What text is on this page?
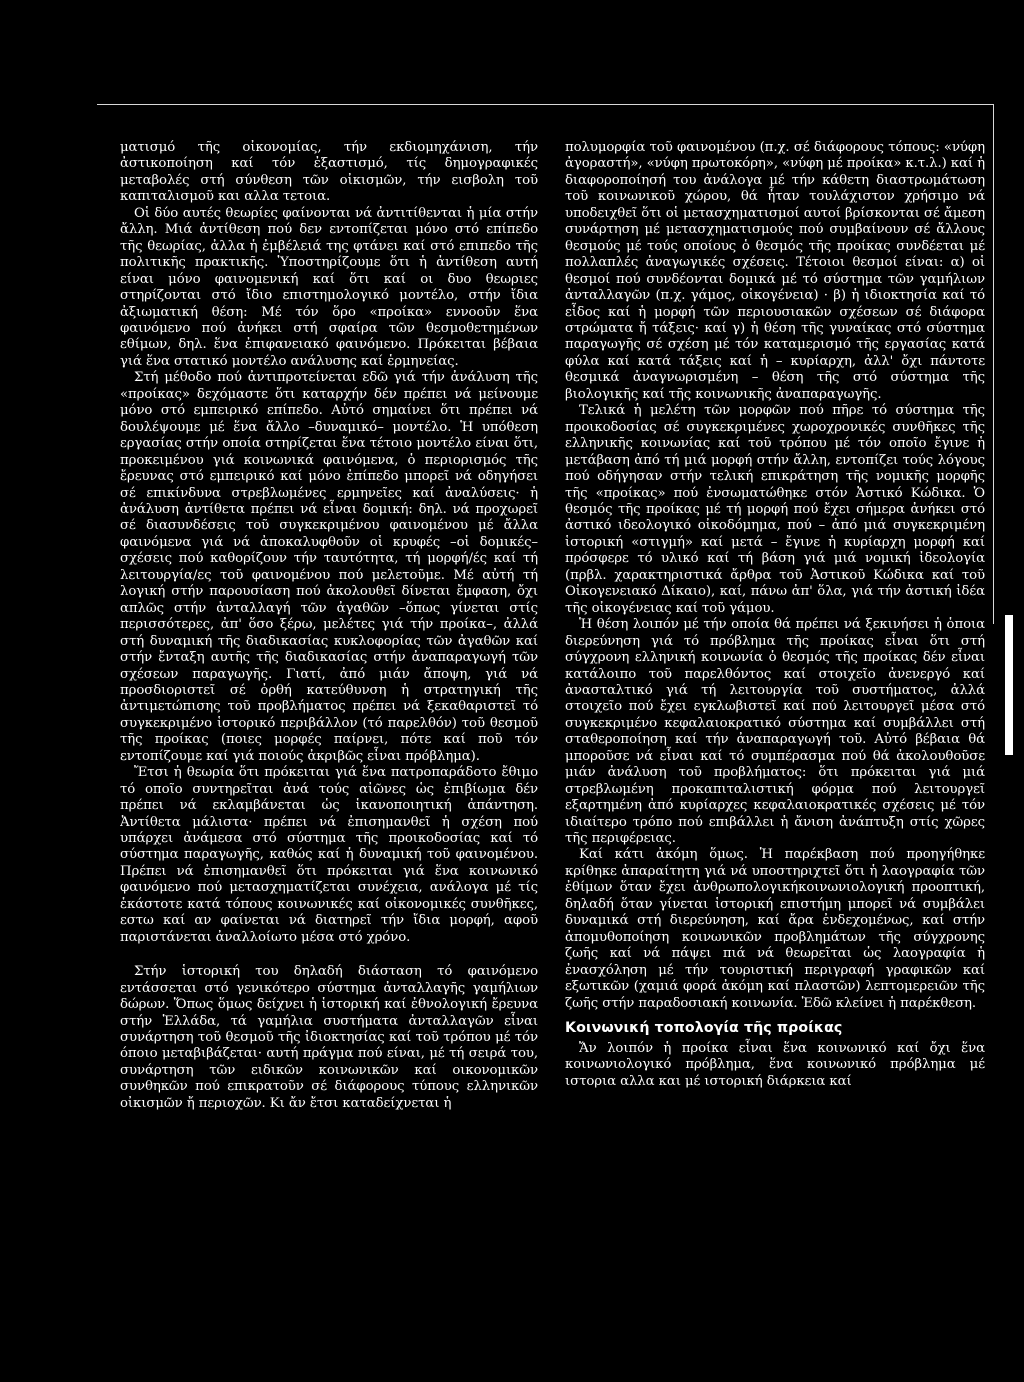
ματισμό τῆς οἰκονομίας, τήν εκδιομηχάνιση, τήν ἀστικοποίηση καί τόν ἐξαστισμό, τίς δημογραφικές μεταβολές στή σύνθεση τῶν οἰκισμῶν, τήν εισβολη τοῦ καπιταλισμοῦ και αλλα τετοια.

Οἱ δύο αυτές θεωρίες φαίνονται νά ἀντιτίθενται ἡ μία στήν ἄλλη. Μιά ἀντίθεση πού δεν εντοπίζεται μόνο στό επίπεδο τῆς θεωρίας, ἀλλα ἡ ἐμβέλειά της φτάνει καί στό επιπεδο τῆς πολιτικῆς πρακτικῆς. Ὑποστηρίζουμε ὅτι ἡ ἀντίθεση αυτή είναι μόνο φαινομενική καί ὅτι καί οι δυο θεωριες στηρίζονται στό ἴδιο επιστημολογικό μοντέλο, στήν ἴδια ἀξιωματική θέση: Μέ τόν ὅρο «προίκα» εννοοῦν ἕνα φαινόμενο πού ἀνήκει στή σφαίρα τῶν θεσμοθετημένων εθίμων, δηλ. ἕνα ἐπιφανειακό φαινόμενο. Πρόκειται βέβαια γιά ἕνα στατικό μοντέλο ανάλυσης καί ἑρμηνείας.

Στή μέθοδο πού ἀντιπροτείνεται εδῶ γιά τήν ἀνάλυση τῆς «προίκας» δεχόμαστε ὅτι καταρχήν δέν πρέπει νά μείνουμε μόνο στό εμπειρικό επίπεδο. Αὐτό σημαίνει ὅτι πρέπει νά δουλέψουμε μέ ἕνα ἄλλο –δυναμικό– μοντέλο. Ἡ υπόθεση εργασίας στήν οποία στηρίζεται ἕνα τέτοιο μοντέλο είναι ὅτι, προκειμένου γιά κοινωνικά φαινόμενα, ὁ περιορισμός τῆς ἔρευνας στό εμπειρικό καί μόνο ἐπίπεδο μπορεῖ νά οδηγήσει σέ επικίνδυνα στρεβλωμένες ερμηνεῖες καί ἀναλύσεις· ἡ ἀνάλυση ἀντίθετα πρέπει νά εἶναι δομική: δηλ. νά προχωρεῖ σέ διασυνδέσεις τοῦ συγκεκριμένου φαινομένου μέ ἄλλα φαινόμενα γιά νά ἀποκαλυφθοῦν οἱ κρυφές –οἱ δομικές– σχέσεις πού καθορίζουν τήν ταυτότητα, τή μορφή/ές καί τή λειτουργία/ες τοῦ φαινομένου πού μελετοῦμε. Μέ αὐτή τή λογική στήν παρουσίαση πού ἀκολουθεῖ δίνεται ἔμφαση, ὄχι απλῶς στήν ἀνταλλαγή τῶν ἀγαθῶν –ὅπως γίνεται στίς περισσότερες, ἀπ' ὅσο ξέρω, μελέτες γιά τήν προίκα–, ἀλλά στή δυναμική τῆς διαδικασίας κυκλοφορίας τῶν ἀγαθῶν καί στήν ἔνταξη αυτῆς τῆς διαδικασίας στήν ἀναπαραγωγή τῶν σχέσεων παραγωγῆς. Γιατί, ἀπό μιάν ἄποψη, γιά νά προσδιοριστεῖ σέ ὀρθή κατεύθυνση ἡ στρατηγική τῆς ἀντιμετώπισης τοῦ προβλήματος πρέπει νά ξεκαθαριστεῖ τό συγκεκριμένο ἱστορικό περιβάλλον (τό παρελθόν) τοῦ θεσμοῦ τῆς προίκας (ποιες μορφές παίρνει, πότε καί ποῦ τόν εντοπίζουμε καί γιά ποιούς ἀκριβῶς εἶναι πρόβλημα).

Ἔτσι ἡ θεωρία ὅτι πρόκειται γιά ἕνα πατροπαράδοτο ἔθιμο τό οποῖο συντηρεῖται ἀνά τούς αἰῶνες ὡς ἐπιβίωμα δέν πρέπει νά εκλαμβάνεται ὡς ἱκανοποιητική ἀπάντηση. Ἀντίθετα μάλιστα· πρέπει νά ἐπισημανθεῖ ἡ σχέση πού υπάρχει ἀνάμεσα στό σύστημα τῆς προικοδοσίας καί τό σύστημα παραγωγῆς, καθώς καί ἡ δυναμική τοῦ φαινομένου. Πρέπει νά ἐπισημανθεῖ ὅτι πρόκειται γιά ἕνα κοινωνικό φαινόμενο πού μετασχηματίζεται συνέχεια, ανάλογα μέ τίς ἑκάστοτε κατά τόπους κοινωνικές καί οἰκονομικές συνθῆκες, εστω καί αν φαίνεται νά διατηρεῖ τήν ἴδια μορφή, αφοῦ παριστάνεται ἀναλλοίωτο μέσα στό χρόνο.

Στήν ἱστορική του δηλαδή διάσταση τό φαινόμενο εντάσσεται στό γενικότερο σύστημα ἀνταλλαγῆς γαμήλιων δώρων. Ὅπως ὅμως δείχνει ἡ ἱστορική καί ἐθνολογική ἔρευνα στήν Ἑλλάδα, τά γαμήλια συστήματα ἀνταλλαγῶν εἶναι συνάρτηση τοῦ θεσμοῦ τῆς ἰδιοκτησίας καί τοῦ τρόπου μέ τόν όποιο μεταβιβάζεται· αυτή πράγμα πού είναι, μέ τή σειρά του, συνάρτηση τῶν ειδικῶν κοινωνικῶν καί οικονομικῶν συνθηκῶν πού επικρατοῦν σέ διάφορους τύπους ελληνικῶν οἰκισμῶν ἤ περιοχῶν. Κι ἄν ἔτσι καταδείχνεται ἡ

πολυμορφία τοῦ φαινομένου (π.χ. σέ διάφορους τόπους: «νύφη ἀγοραστή», «νύφη πρωτοκόρη», «νύφη μέ προίκα» κ.τ.λ.) καί ἡ διαφοροποίησή του ἀνάλογα μέ τήν κάθετη διαστρωμάτωση τοῦ κοινωνικοῦ χώρου, θά ἦταν τουλάχιστον χρήσιμο νά υποδειχθεῖ ὅτι οἱ μετασχηματισμοί αυτοί βρίσκονται σέ ἄμεση συνάρτηση μέ μετασχηματισμούς πού συμβαίνουν σέ ἄλλους θεσμούς μέ τούς οποίους ὁ θεσμός τῆς προίκας συνδέεται μέ πολλαπλές ἀναγωγικές σχέσεις. Τέτοιοι θεσμοί είναι: α) οἱ θεσμοί πού συνδέονται δομικά μέ τό σύστημα τῶν γαμήλιων ἀνταλλαγῶν (π.χ. γάμος, οἰκογένεια) · β) ἡ ιδιοκτησία καί τό εἶδος καί ἡ μορφή τῶν περιουσιακῶν σχέσεων σέ διάφορα στρώματα ἤ τάξεις· καί γ) ἡ θέση τῆς γυναίκας στό σύστημα παραγωγῆς σέ σχέση μέ τόν καταμερισμό τῆς εργασίας κατά φύλα καί κατά τάξεις καί ἡ – κυρίαρχη, ἀλλ' ὄχι πάντοτε θεσμικά ἀναγνωρισμένη – θέση τῆς στό σύστημα τῆς βιολογικῆς καί τῆς κοινωνικῆς ἀναπαραγωγῆς.

Τελικά ἡ μελέτη τῶν μορφῶν πού πῆρε τό σύστημα τῆς προικοδοσίας σέ συγκεκριμένες χωροχρονικές συνθῆκες τῆς ελληνικῆς κοινωνίας καί τοῦ τρόπου μέ τόν οποῖο ἔγινε ἡ μετάβαση ἀπό τή μιά μορφή στήν ἄλλη, εντοπίζει τούς λόγους πού οδήγησαν στήν τελική επικράτηση τῆς νομικῆς μορφῆς τῆς «προίκας» πού ἐνσωματώθηκε στόν Ἀστικό Κώδικα. Ὁ θεσμός τῆς προίκας μέ τή μορφή πού ἔχει σήμερα ἀνήκει στό ἀστικό ιδεολογικό οἰκοδόμημα, πού – ἀπό μιά συγκεκριμένη ἱστορική «στιγμή» καί μετά – ἔγινε ἡ κυρίαρχη μορφή καί πρόσφερε τό υλικό καί τή βάση γιά μιά νομική ἰδεολογία (πρβλ. χαρακτηριστικά ἄρθρα τοῦ Ἀστικοῦ Κώδικα καί τοῦ Οἰκογενειακό Δίκαιο), καί, πάνω ἀπ' ὅλα, γιά τήν ἀστική ἰδέα τῆς οἰκογένειας καί τοῦ γάμου.

Ἡ θέση λοιπόν μέ τήν οποία θά πρέπει νά ξεκινήσει ἡ ὁποια διερεύνηση γιά τό πρόβλημα τῆς προίκας εἶναι ὅτι στή σύγχρονη ελληνική κοινωνία ὁ θεσμός τῆς προίκας δέν εἶναι κατάλοιπο τοῦ παρελθόντος καί στοιχεῖο ἀνενεργό καί ἀνασταλτικό γιά τή λειτουργία τοῦ συστήματος, ἀλλά στοιχεῖο πού ἔχει εγκλωβιστεῖ καί πού λειτουργεῖ μέσα στό συγκεκριμένο κεφαλαιοκρατικό σύστημα καί συμβάλλει στή σταθεροποίηση καί τήν ἀναπαραγωγή τοῦ. Αὐτό βέβαια θά μποροῦσε νά εἶναι καί τό συμπέρασμα πού θά ἀκολουθοῦσε μιάν ἀνάλυση τοῦ προβλήματος: ὅτι πρόκειται γιά μιά στρεβλωμένη προκαπιταλιστική φόρμα πού λειτουργεῖ εξαρτημένη ἀπό κυρίαρχες κεφαλαιοκρατικές σχέσεις μέ τόν ιδιαίτερο τρόπο πού επιβάλλει ἡ ἄνιση ἀνάπτυξη στίς χῶρες τῆς περιφέρειας.

Καί κάτι ἀκόμη ὅμως. Ἡ παρέκβαση πού προηγήθηκε κρίθηκε ἀπαραίτητη γιά νά υποστηριχτεῖ ὅτι ἡ λαογραφία τῶν ἐθίμων ὅταν ἔχει ἀνθρωπολογικήκοινωνιολογική προοπτική, δηλαδή ὅταν γίνεται ἱστορική επιστήμη μπορεῖ νά συμβάλει δυναμικά στή διερεύνηση, καί ἄρα ἐνδεχομένως, καί στήν ἀπομυθοποίηση κοινωνικῶν προβλημάτων τῆς σύγχρονης ζωῆς καί νά πάψει πιά νά θεωρεῖται ὡς λαογραφία ἡ ἐνασχόληση μέ τήν τουριστική περιγραφή γραφικῶν καί εξωτικῶν (χαμιά φορά ἀκόμη καί πλαστῶν) λεπτομερειῶν τῆς ζωῆς στήν παραδοσιακή κοινωνία. Ἐδῶ κλείνει ἡ παρέκθεση.

Κοινωνική τοπολογία τῆς προίκας

Ἄν λοιπόν ἡ προίκα εἶναι ἕνα κοινωνικό καί ὄχι ἕνα κοινωνιολογικό πρόβλημα, ἕνα κοινωνικό πρόβλημα μέ ιστορια αλλα και μέ ιστορική διάρκεια καί
